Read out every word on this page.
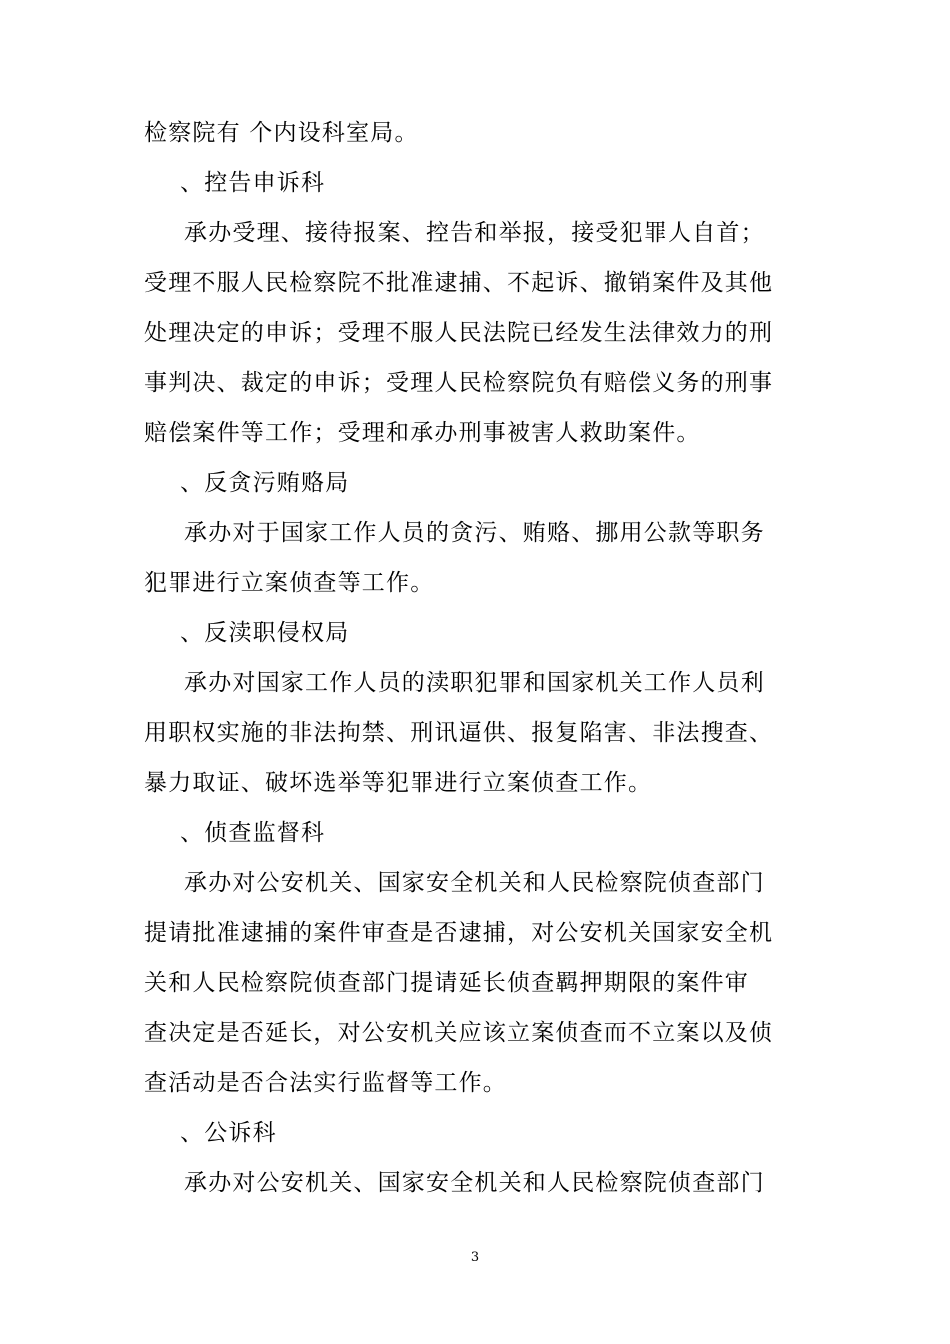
检察院有 个内设科室局。
、控告申诉科
承办受理、接待报案、控告和举报，接受犯罪人自首；
受理不服人民检察院不批准逮捕、不起诉、撤销案件及其他
处理决定的申诉；受理不服人民法院已经发生法律效力的刑
事判决、裁定的申诉；受理人民检察院负有赔偿义务的刑事
赔偿案件等工作；受理和承办刑事被害人救助案件。
、反贪污贿赂局
承办对于国家工作人员的贪污、贿赂、挪用公款等职务
犯罪进行立案侦查等工作。
、反渎职侵权局
承办对国家工作人员的渎职犯罪和国家机关工作人员利
用职权实施的非法拘禁、刑讯逼供、报复陷害、非法搜查、
暴力取证、破坏选举等犯罪进行立案侦查工作。
、侦查监督科
承办对公安机关、国家安全机关和人民检察院侦查部门
提请批准逮捕的案件审查是否逮捕，对公安机关国家安全机
关和人民检察院侦查部门提请延长侦查羁押期限的案件审
查决定是否延长，对公安机关应该立案侦查而不立案以及侦
查活动是否合法实行监督等工作。
、公诉科
承办对公安机关、国家安全机关和人民检察院侦查部门
3
